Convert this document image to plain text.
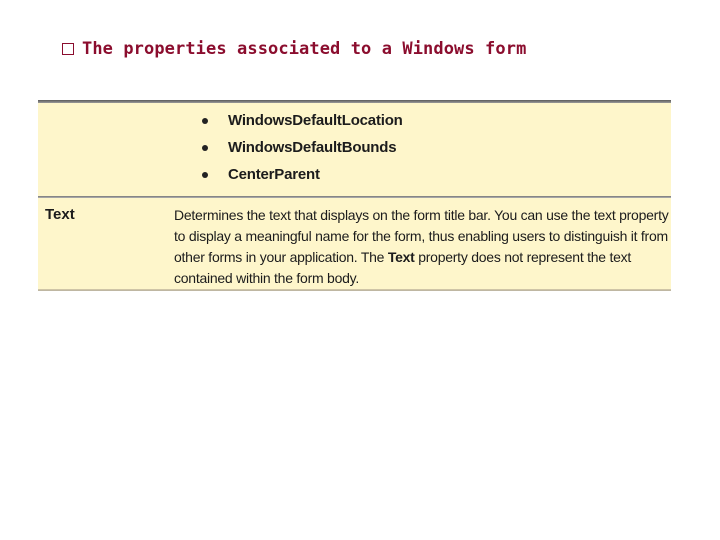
The properties associated to a Windows form
WindowsDefaultLocation
WindowsDefaultBounds
CenterParent
Text	Determines the text that displays on the form title bar. You can use the text property to display a meaningful name for the form, thus enabling users to distinguish it from other forms in your application. The Text property does not represent the text contained within the form body.
